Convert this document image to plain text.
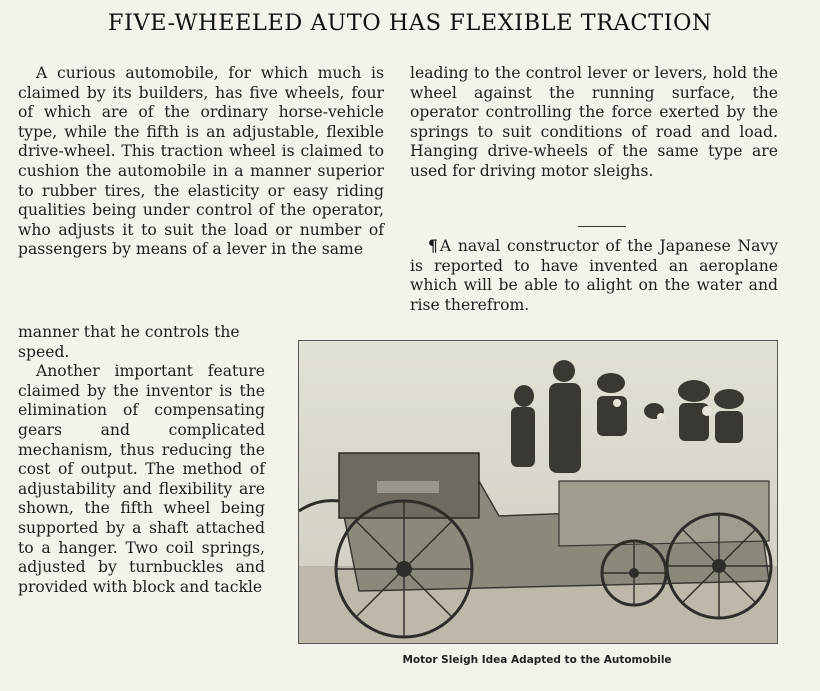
FIVE-WHEELED AUTO HAS FLEXIBLE TRACTION

A curious automobile, for which much is claimed by its builders, has five wheels, four of which are of the ordinary horse-vehicle type, while the fifth is an adjustable, flexible drive-wheel. This traction wheel is claimed to cushion the automobile in a manner superior to rubber tires, the elasticity or easy riding qualities being under control of the operator, who adjusts it to suit the load or number of passengers by means of a lever in the same

manner that he controls the speed.

Another important feature claimed by the inventor is the elimination of compensating gears and complicated mechanism, thus reducing the cost of output. The method of adjustability and flexibility are shown, the fifth wheel being supported by a shaft attached to a hanger. Two coil springs, adjusted by turnbuckles and provided with block and tackle

leading to the control lever or levers, hold the wheel against the running surface, the operator controlling the force exerted by the springs to suit conditions of road and load. Hanging drive-wheels of the same type are used for driving motor sleighs.

¶ A naval constructor of the Japanese Navy is reported to have invented an aeroplane which will be able to alight on the water and rise therefrom.

Motor Sleigh Idea Adapted to the Automobile
